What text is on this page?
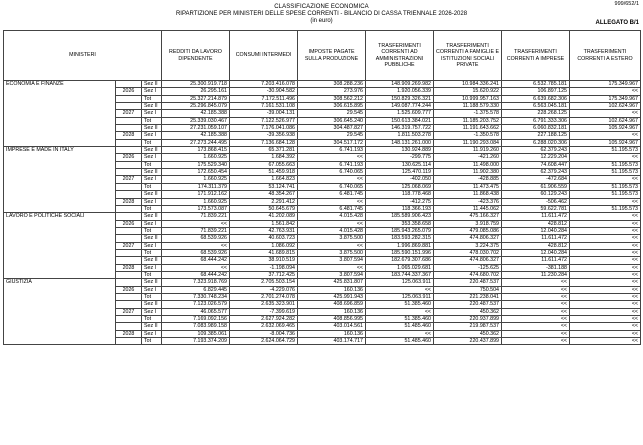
999/652/1
CLASSIFICAZIONE ECONOMICA
RIPARTIZIONE PER MINISTERI DELLE SPESE CORRENTI - BILANCIO DI CASSA TRIENNALE 2026-2028
(in euro)	ALLEGATO B/1
MINISTERI			REDDITI DA LAVORO DIPENDENTE	CONSUMI INTERMEDI	IMPOSTE PAGATE SULLA PRODUZIONE	TRASFERIMENTI CORRENTI AD AMMINISTRAZIONI PUBBLICHE	TRASFERIMENTI CORRENTI A FAMIGLIE E ISTITUZIONI SOCIALI PRIVATE	TRASFERIMENTI CORRENTI A IMPRESE	TRASFERIMENTI CORRENTI A ESTERO
ECONOMIA E FINANZE		Sez II	25.300.919.718	7.203.416.078	308.288.236	148.909.269.982	10.984.336.241	6.532.785.181	175.349.967
	2026	Sez I	26.295.161	-30.904.582	273.976	1.920.056.339	15.620.922	106.897.125	<<
		Tot	25.327.214.879	7.172.511.496	308.562.212	150.829.326.321	10.999.957.163	6.639.682.306	175.349.967
		Sez II	25.296.845.079	7.161.531.108	306.615.895	149.087.774.244	11.188.579.330	6.563.045.181	102.624.967
	2027	Sez I	42.185.388	-39.004.131	29.545	1.525.609.777	-1.375.578	228.268.125	<<
		Tot	25.339.030.467	7.122.526.977	306.645.240	150.613.384.021	11.185.203.752	6.791.333.306	102.624.967
		Sez II	27.231.059.107	7.176.041.086	304.487.827	146.319.757.722	11.191.643.662	6.060.832.181	105.924.967
	2028	Sez I	42.185.388	-39.356.938	29.545	1.811.503.278	-1.350.578	227.188.125	<<
		Tot	27.273.244.495	7.136.684.128	304.517.172	148.131.261.000	11.190.293.084	6.288.020.306	105.924.967
IMPRESE E MADE IN ITALY		Sez II	173.868.415	65.371.281	6.741.193	130.924.889	11.919.260	62.379.243	51.195.573
	2026	Sez I	1.660.925	1.684.392	<<	-299.775	-421.260	12.229.204	<<
		Tot	175.529.340	67.055.663	6.741.193	130.625.114	11.498.000	74.608.447	51.195.573
		Sez II	172.650.454	51.459.918	6.740.065	125.470.119	11.902.380	62.379.243	51.195.573
	2027	Sez I	1.660.925	1.664.823	<<	-402.050	-428.885	-472.684	<<
		Tot	174.311.379	53.124.741	6.740.065	125.068.069	11.473.475	61.906.559	51.195.573
		Sez II	171.912.162	48.354.267	6.481.745	118.778.468	11.868.438	60.129.243	51.195.573
	2028	Sez I	1.660.925	2.291.412	<<	-412.275	-423.376	-506.462	<<
		Tot	173.573.087	50.645.679	6.481.745	118.366.193	11.445.062	59.622.781	51.195.573
LAVORO E POLITICHE SOCIALI		Sez II	71.839.221	41.202.089	4.015.428	185.589.906.423	475.166.327	11.611.472	<<
	2026	Sez I	<<	1.561.842	<<	353.358.658	3.918.759	428.812	<<
		Tot	71.839.221	42.763.931	4.015.428	185.943.265.079	479.085.086	12.040.284	<<
		Sez II	68.539.926	40.603.723	3.875.500	183.593.282.315	474.806.327	11.611.472	<<
	2027	Sez I	<<	1.086.092	<<	1.996.869.881	3.224.375	428.812	<<
		Tot	68.539.926	41.689.815	3.875.500	185.590.151.996	478.030.702	12.040.284	<<
		Sez II	68.444.242	38.910.519	3.807.594	182.679.307.686	474.806.327	11.611.472	<<
	2028	Sez I	<<	-1.198.094	<<	1.065.029.681	-125.625	-381.188	<<
		Tot	68.444.242	37.712.425	3.807.594	183.744.337.367	474.680.702	11.230.284	<<
GIUSTIZIA		Sez II	7.323.918.769	2.705.503.154	425.831.807	125.063.911	220.487.537	<<	<<
	2026	Sez I	6.829.445	-4.229.076	160.136	<<	750.504	<<	<<
		Tot	7.330.748.234	2.701.274.078	425.991.943	125.063.911	221.238.041	<<	<<
		Sez II	7.123.026.579	2.635.323.901	408.696.859	51.385.460	220.487.537	<<	<<
	2027	Sez I	46.065.577	-7.399.619	160.136	<<	450.362	<<	<<
		Tot	7.169.092.156	2.627.924.282	408.856.995	51.385.460	220.937.899	<<	<<
		Sez II	7.083.989.158	2.632.069.465	403.014.561	51.485.460	219.987.537	<<	<<
	2028	Sez I	109.385.061	-8.004.736	160.136	<<	450.362	<<	<<
		Tot	7.193.374.209	2.624.064.729	403.174.717	51.485.460	220.437.899	<<	<<
